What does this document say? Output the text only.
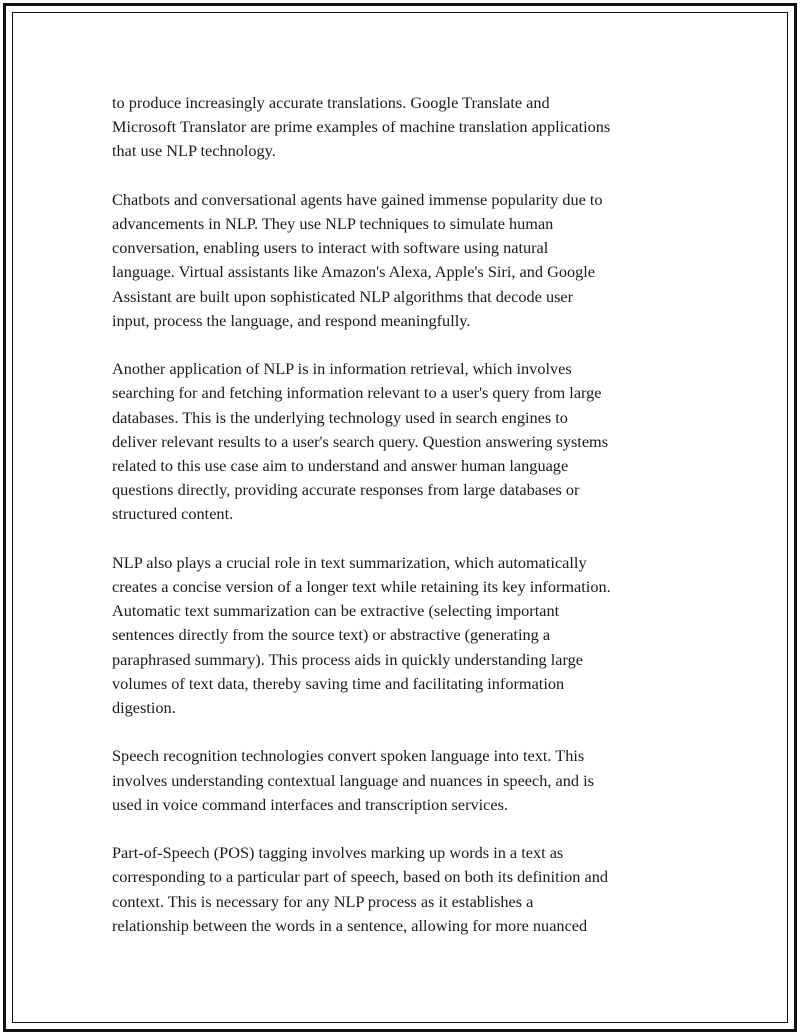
to produce increasingly accurate translations. Google Translate and
Microsoft Translator are prime examples of machine translation applications
that use NLP technology.

Chatbots and conversational agents have gained immense popularity due to
advancements in NLP. They use NLP techniques to simulate human
conversation, enabling users to interact with software using natural
language. Virtual assistants like Amazon's Alexa, Apple's Siri, and Google
Assistant are built upon sophisticated NLP algorithms that decode user
input, process the language, and respond meaningfully.

Another application of NLP is in information retrieval, which involves
searching for and fetching information relevant to a user's query from large
databases. This is the underlying technology used in search engines to
deliver relevant results to a user's search query. Question answering systems
related to this use case aim to understand and answer human language
questions directly, providing accurate responses from large databases or
structured content.

NLP also plays a crucial role in text summarization, which automatically
creates a concise version of a longer text while retaining its key information.
Automatic text summarization can be extractive (selecting important
sentences directly from the source text) or abstractive (generating a
paraphrased summary). This process aids in quickly understanding large
volumes of text data, thereby saving time and facilitating information
digestion.

Speech recognition technologies convert spoken language into text. This
involves understanding contextual language and nuances in speech, and is
used in voice command interfaces and transcription services.

Part-of-Speech (POS) tagging involves marking up words in a text as
corresponding to a particular part of speech, based on both its definition and
context. This is necessary for any NLP process as it establishes a
relationship between the words in a sentence, allowing for more nuanced
